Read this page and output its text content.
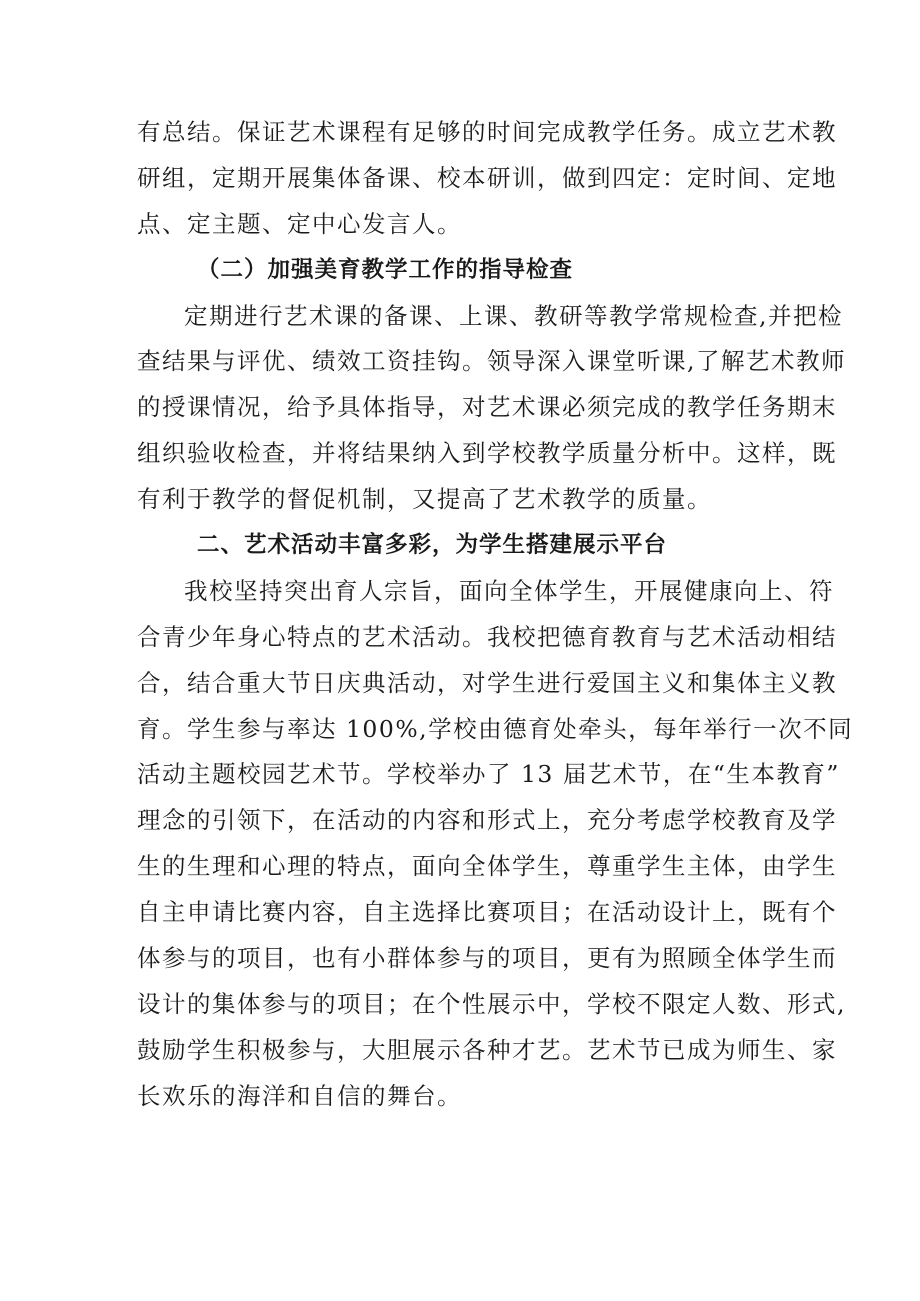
有总结。保证艺术课程有足够的时间完成教学任务。成立艺术教
研组，定期开展集体备课、校本研训，做到四定：定时间、定地
点、定主题、定中心发言人。
（二）加强美育教学工作的指导检查
定期进行艺术课的备课、上课、教研等教学常规检查,并把检
查结果与评优、绩效工资挂钩。领导深入课堂听课,了解艺术教师
的授课情况，给予具体指导，对艺术课必须完成的教学任务期末
组织验收检查，并将结果纳入到学校教学质量分析中。这样，既
有利于教学的督促机制，又提高了艺术教学的质量。
二、艺术活动丰富多彩，为学生搭建展示平台
我校坚持突出育人宗旨，面向全体学生，开展健康向上、符
合青少年身心特点的艺术活动。我校把德育教育与艺术活动相结
合，结合重大节日庆典活动，对学生进行爱国主义和集体主义教
育。学生参与率达 100%,学校由德育处牵头，每年举行一次不同
活动主题校园艺术节。学校举办了 13 届艺术节，在“生本教育”
理念的引领下，在活动的内容和形式上，充分考虑学校教育及学
生的生理和心理的特点，面向全体学生，尊重学生主体，由学生
自主申请比赛内容，自主选择比赛项目；在活动设计上，既有个
体参与的项目，也有小群体参与的项目，更有为照顾全体学生而
设计的集体参与的项目；在个性展示中，学校不限定人数、形式,
鼓励学生积极参与，大胆展示各种才艺。艺术节已成为师生、家
长欢乐的海洋和自信的舞台。
